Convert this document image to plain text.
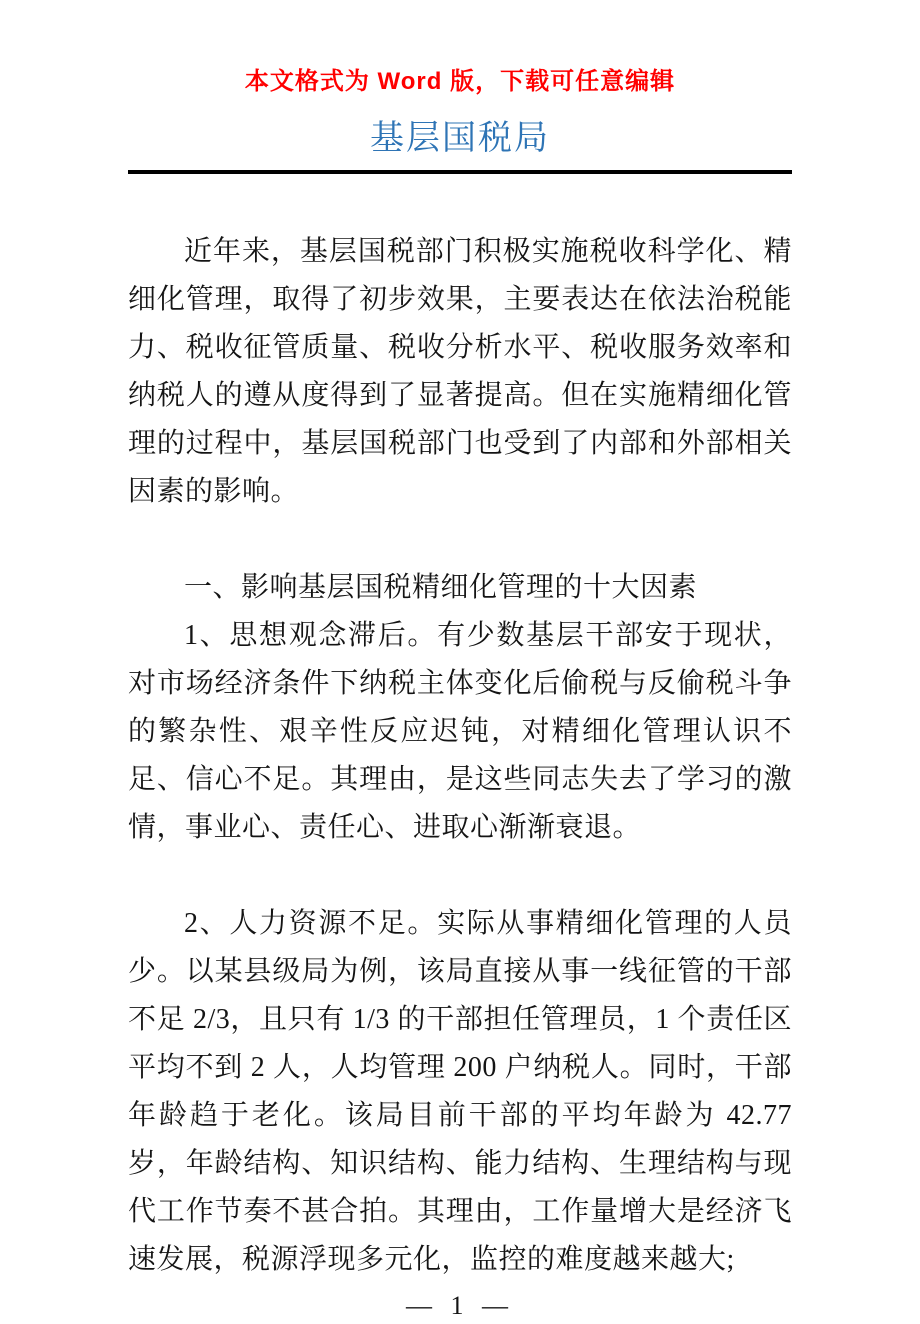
本文格式为 Word 版，下载可任意编辑
基层国税局

近年来，基层国税部门积极实施税收科学化、精细化管理，取得了初步效果，主要表达在依法治税能力、税收征管质量、税收分析水平、税收服务效率和纳税人的遵从度得到了显著提高。但在实施精细化管理的过程中，基层国税部门也受到了内部和外部相关因素的影响。

一、影响基层国税精细化管理的十大因素

1、思想观念滞后。有少数基层干部安于现状，对市场经济条件下纳税主体变化后偷税与反偷税斗争的繁杂性、艰辛性反应迟钝，对精细化管理认识不足、信心不足。其理由，是这些同志失去了学习的激情，事业心、责任心、进取心渐渐衰退。

2、人力资源不足。实际从事精细化管理的人员少。以某县级局为例，该局直接从事一线征管的干部不足 2/3，且只有 1/3 的干部担任管理员，1 个责任区平均不到 2 人，人均管理 200 户纳税人。同时，干部年龄趋于老化。该局目前干部的平均年龄为 42.77 岁，年龄结构、知识结构、能力结构、生理结构与现代工作节奏不甚合拍。其理由，工作量增大是经济飞速发展，税源浮现多元化，监控的难度越来越大;

— 1 —
